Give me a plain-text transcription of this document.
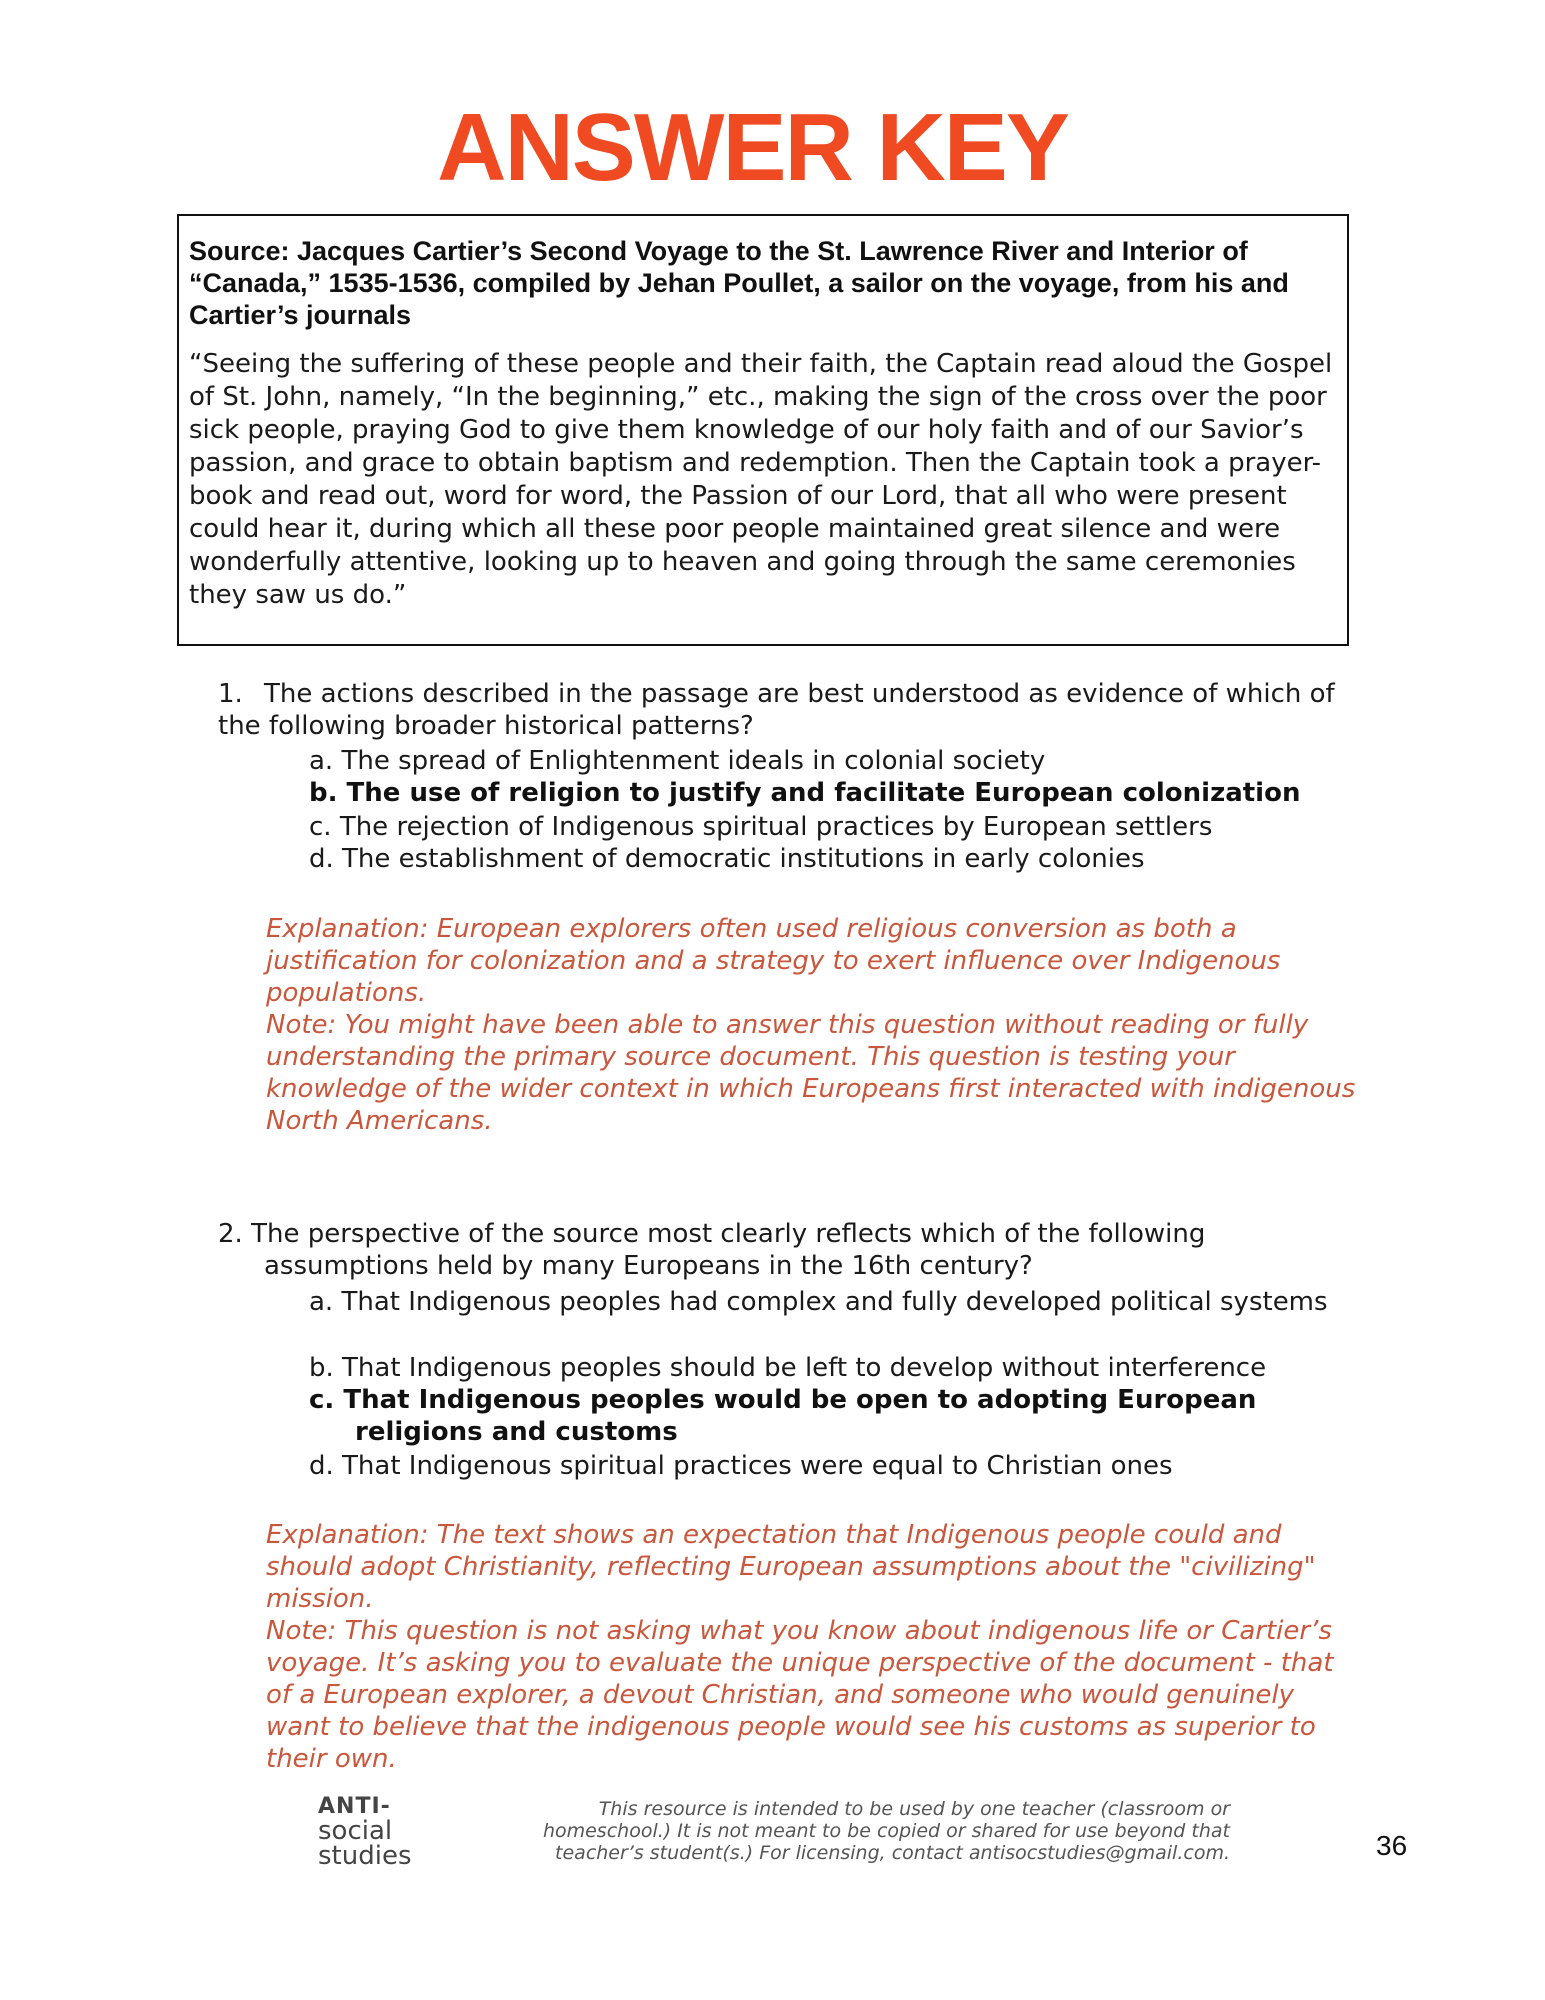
ANSWER KEY
Source: Jacques Cartier’s Second Voyage to the St. Lawrence River and Interior of “Canada,” 1535-1536, compiled by Jehan Poullet, a sailor on the voyage, from his and Cartier’s journals
“Seeing the suffering of these people and their faith, the Captain read aloud the Gospel of St. John, namely, “In the beginning,” etc., making the sign of the cross over the poor sick people, praying God to give them knowledge of our holy faith and of our Savior’s passion, and grace to obtain baptism and redemption. Then the Captain took a prayer-book and read out, word for word, the Passion of our Lord, that all who were present could hear it, during which all these poor people maintained great silence and were wonderfully attentive, looking up to heaven and going through the same ceremonies they saw us do.”
1. The actions described in the passage are best understood as evidence of which of the following broader historical patterns?
a. The spread of Enlightenment ideals in colonial society
b. The use of religion to justify and facilitate European colonization
c. The rejection of Indigenous spiritual practices by European settlers
d. The establishment of democratic institutions in early colonies
Explanation: European explorers often used religious conversion as both a justification for colonization and a strategy to exert influence over Indigenous populations.
Note: You might have been able to answer this question without reading or fully understanding the primary source document. This question is testing your knowledge of the wider context in which Europeans first interacted with indigenous North Americans.
2. The perspective of the source most clearly reflects which of the following assumptions held by many Europeans in the 16th century?
a. That Indigenous peoples had complex and fully developed political systems
b. That Indigenous peoples should be left to develop without interference
c. That Indigenous peoples would be open to adopting European religions and customs
d. That Indigenous spiritual practices were equal to Christian ones
Explanation: The text shows an expectation that Indigenous people could and should adopt Christianity, reflecting European assumptions about the "civilizing" mission.
Note: This question is not asking what you know about indigenous life or Cartier’s voyage. It’s asking you to evaluate the unique perspective of the document - that of a European explorer, a devout Christian, and someone who would genuinely want to believe that the indigenous people would see his customs as superior to their own.
ANTI-
social
studies
This resource is intended to be used by one teacher (classroom or homeschool.) It is not meant to be copied or shared for use beyond that teacher’s student(s.) For licensing, contact antisocstudies@gmail.com.	36
